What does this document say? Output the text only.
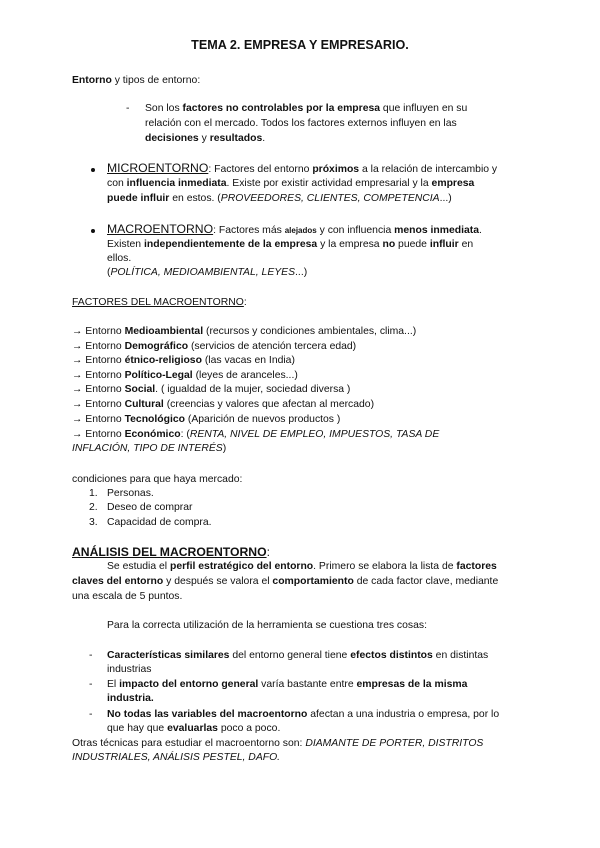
TEMA 2. EMPRESA Y EMPRESARIO.
Entorno y tipos de entorno:
- Son los factores no controlables por la empresa que influyen en su
relación con el mercado. Todos los factores externos influyen en las
decisiones y resultados.
MICROENTORNO: Factores del entorno próximos a la relación de intercambio y
con influencia inmediata. Existe por existir actividad empresarial y la empresa
puede influir en estos. (PROVEEDORES, CLIENTES, COMPETENCIA...)
MACROENTORNO: Factores más alejados y con influencia menos inmediata.
Existen independientemente de la empresa y la empresa no puede influir en
ellos.
(POLÍTICA, MEDIOAMBIENTAL, LEYES...)
FACTORES DEL MACROENTORNO:
→ Entorno Medioambiental (recursos y condiciones ambientales, clima...)
→ Entorno Demográfico (servicios de atención tercera edad)
→ Entorno étnico-religioso (las vacas en India)
→ Entorno Político-Legal (leyes de aranceles...)
→ Entorno Social. ( igualdad de la mujer, sociedad diversa )
→ Entorno Cultural (creencias y valores que afectan al mercado)
→ Entorno Tecnológico (Aparición de nuevos productos )
→ Entorno Económico: (RENTA, NIVEL DE EMPLEO, IMPUESTOS, TASA DE
INFLACIÓN, TIPO DE INTERÉS)
condiciones para que haya mercado:
1. Personas.
2. Deseo de comprar
3. Capacidad de compra.
ANÁLISIS DEL MACROENTORNO:
Se estudia el perfil estratégico del entorno. Primero se elabora la lista de factores
claves del entorno y después se valora el comportamiento de cada factor clave, mediante
una escala de 5 puntos.
Para la correcta utilización de la herramienta se cuestiona tres cosas:
- Características similares del entorno general tiene efectos distintos en distintas
industrias
- El impacto del entorno general varía bastante entre empresas de la misma
industria.
- No todas las variables del macroentorno afectan a una industria o empresa, por lo
que hay que evaluarlas poco a poco.
Otras técnicas para estudiar el macroentorno son: DIAMANTE DE PORTER, DISTRITOS
INDUSTRIALES, ANÁLISIS PESTEL, DAFO.
